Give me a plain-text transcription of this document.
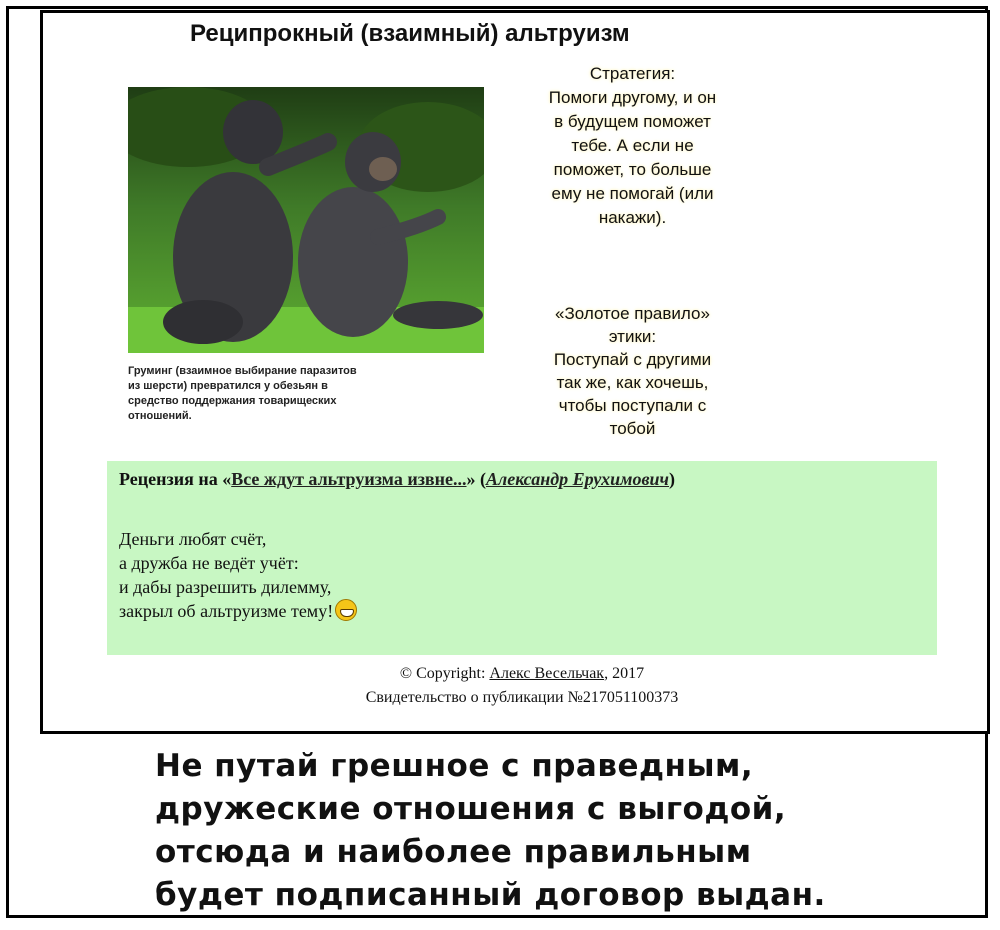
Реципрокный (взаимный) альтруизм
Груминг (взаимное выбирание паразитов
из шерсти) превратился у обезьян в
средство поддержания товарищеских
отношений.
Стратегия:
Помоги другому, и он
в будущем поможет
тебе. А если не
поможет, то больше
ему не помогай (или
накажи).
«Золотое правило»
этики:
Поступай с другими
так же, как хочешь,
чтобы поступали с
тобой
Рецензия на «Все ждут альтруизма извне...» (Александр Ерухимович)
Деньги любят счёт,
а дружба не ведёт учёт:
и дабы разрешить дилемму,
закрыл об альтруизме тему!
© Copyright: Алекс Весельчак, 2017
Свидетельство о публикации №217051100373
Не путай грешное с праведным,
дружеские отношения с выгодой,
отсюда и наиболее правильным
будет подписанный договор выдан.
